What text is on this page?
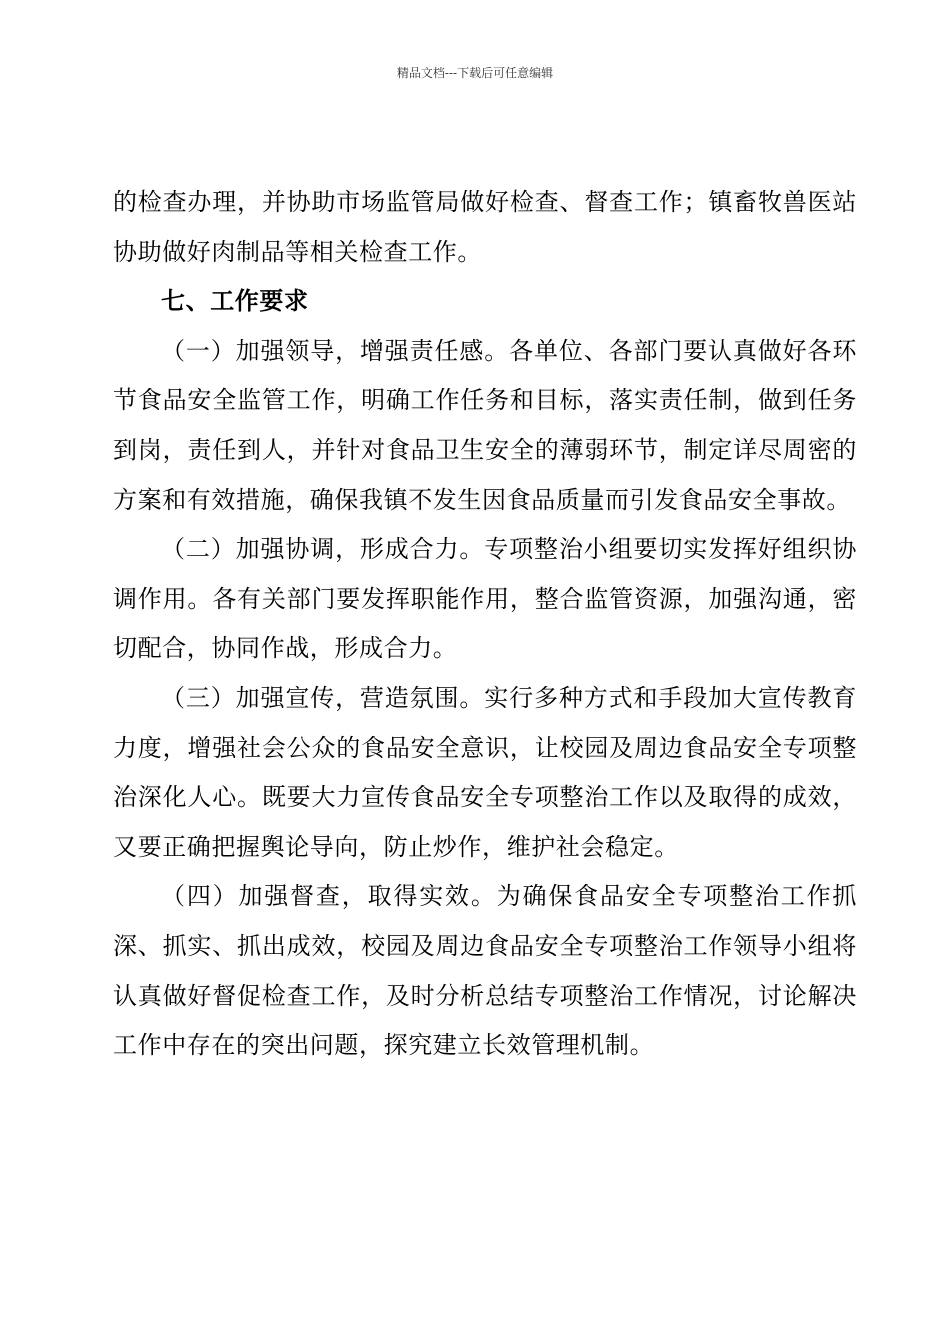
精品文档---下载后可任意编辑

的检查办理，并协助市场监管局做好检查、督查工作；镇畜牧兽医站协助做好肉制品等相关检查工作。

七、工作要求

（一）加强领导，增强责任感。各单位、各部门要认真做好各环节食品安全监管工作，明确工作任务和目标，落实责任制，做到任务到岗，责任到人，并针对食品卫生安全的薄弱环节，制定详尽周密的方案和有效措施，确保我镇不发生因食品质量而引发食品安全事故。

（二）加强协调，形成合力。专项整治小组要切实发挥好组织协调作用。各有关部门要发挥职能作用，整合监管资源，加强沟通，密切配合，协同作战，形成合力。

（三）加强宣传，营造氛围。实行多种方式和手段加大宣传教育力度，增强社会公众的食品安全意识，让校园及周边食品安全专项整治深化人心。既要大力宣传食品安全专项整治工作以及取得的成效，又要正确把握舆论导向，防止炒作，维护社会稳定。

（四）加强督查，取得实效。为确保食品安全专项整治工作抓深、抓实、抓出成效，校园及周边食品安全专项整治工作领导小组将认真做好督促检查工作，及时分析总结专项整治工作情况，讨论解决工作中存在的突出问题，探究建立长效管理机制。
